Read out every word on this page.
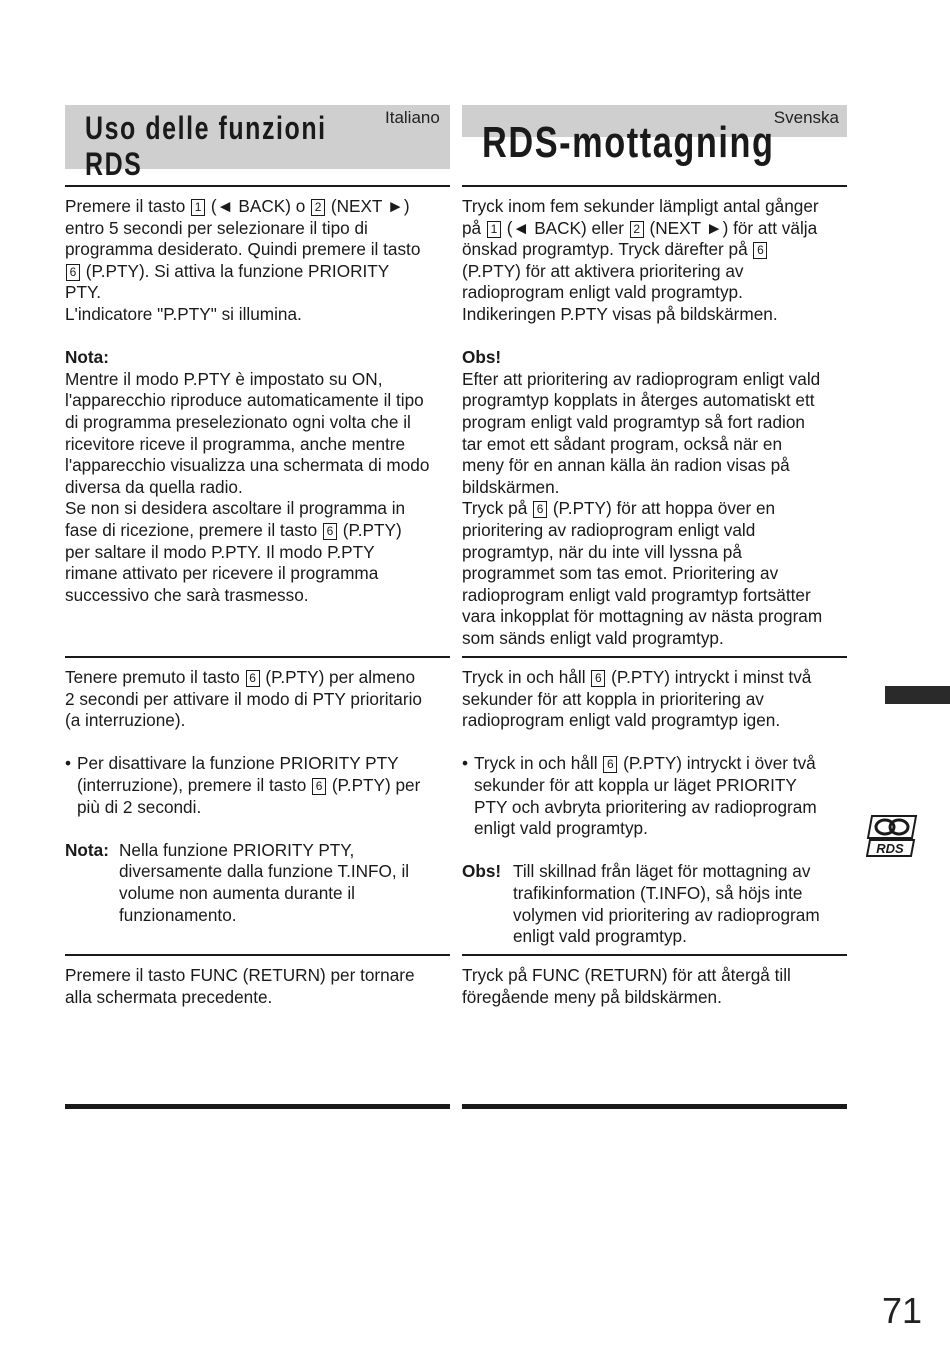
Italiano
Uso delle funzioni
RDS

Premere il tasto 1 (◄ BACK) o 2 (NEXT ►)

entro 5 secondi per selezionare il tipo di

programma desiderato. Quindi premere il tasto

6 (P.PTY). Si attiva la funzione PRIORITY

PTY.

L'indicatore "P.PTY" si illumina.

Nota:

Mentre il modo P.PTY è impostato su ON,

l'apparecchio riproduce automaticamente il tipo

di programma preselezionato ogni volta che il

ricevitore riceve il programma, anche mentre

l'apparecchio visualizza una schermata di modo

diversa da quella radio.

Se non si desidera ascoltare il programma in

fase di ricezione, premere il tasto 6 (P.PTY)

per saltare il modo P.PTY. Il modo P.PTY

rimane attivato per ricevere il programma

successivo che sarà trasmesso.

Tenere premuto il tasto 6 (P.PTY) per almeno

2 secondi per attivare il modo di PTY prioritario

(a interruzione).

• Per disattivare la funzione PRIORITY PTY

(interruzione), premere il tasto 6 (P.PTY) per

più di 2 secondi.

Nota: Nella funzione PRIORITY PTY,

diversamente dalla funzione T.INFO, il

volume non aumenta durante il

funzionamento.

Premere il tasto FUNC (RETURN) per tornare

alla schermata precedente.

Svenska
RDS-mottagning

Tryck inom fem sekunder lämpligt antal gånger

på 1 (◄ BACK) eller 2 (NEXT ►) för att välja

önskad programtyp. Tryck därefter på 6

(P.PTY) för att aktivera prioritering av

radioprogram enligt vald programtyp.

Indikeringen P.PTY visas på bildskärmen.

Obs!

Efter att prioritering av radioprogram enligt vald

programtyp kopplats in återges automatiskt ett

program enligt vald programtyp så fort radion

tar emot ett sådant program, också när en

meny för en annan källa än radion visas på

bildskärmen.

Tryck på 6 (P.PTY) för att hoppa över en

prioritering av radioprogram enligt vald

programtyp, när du inte vill lyssna på

programmet som tas emot. Prioritering av

radioprogram enligt vald programtyp fortsätter

vara inkopplat för mottagning av nästa program

som sänds enligt vald programtyp.

Tryck in och håll 6 (P.PTY) intryckt i minst två

sekunder för att koppla in prioritering av

radioprogram enligt vald programtyp igen.

• Tryck in och håll 6 (P.PTY) intryckt i över två

sekunder för att koppla ur läget PRIORITY

PTY och avbryta prioritering av radioprogram

enligt vald programtyp.

Obs! Till skillnad från läget för mottagning av

trafikinformation (T.INFO), så höjs inte

volymen vid prioritering av radioprogram

enligt vald programtyp.

Tryck på FUNC (RETURN) för att återgå till

föregående meny på bildskärmen.

RDS
71
